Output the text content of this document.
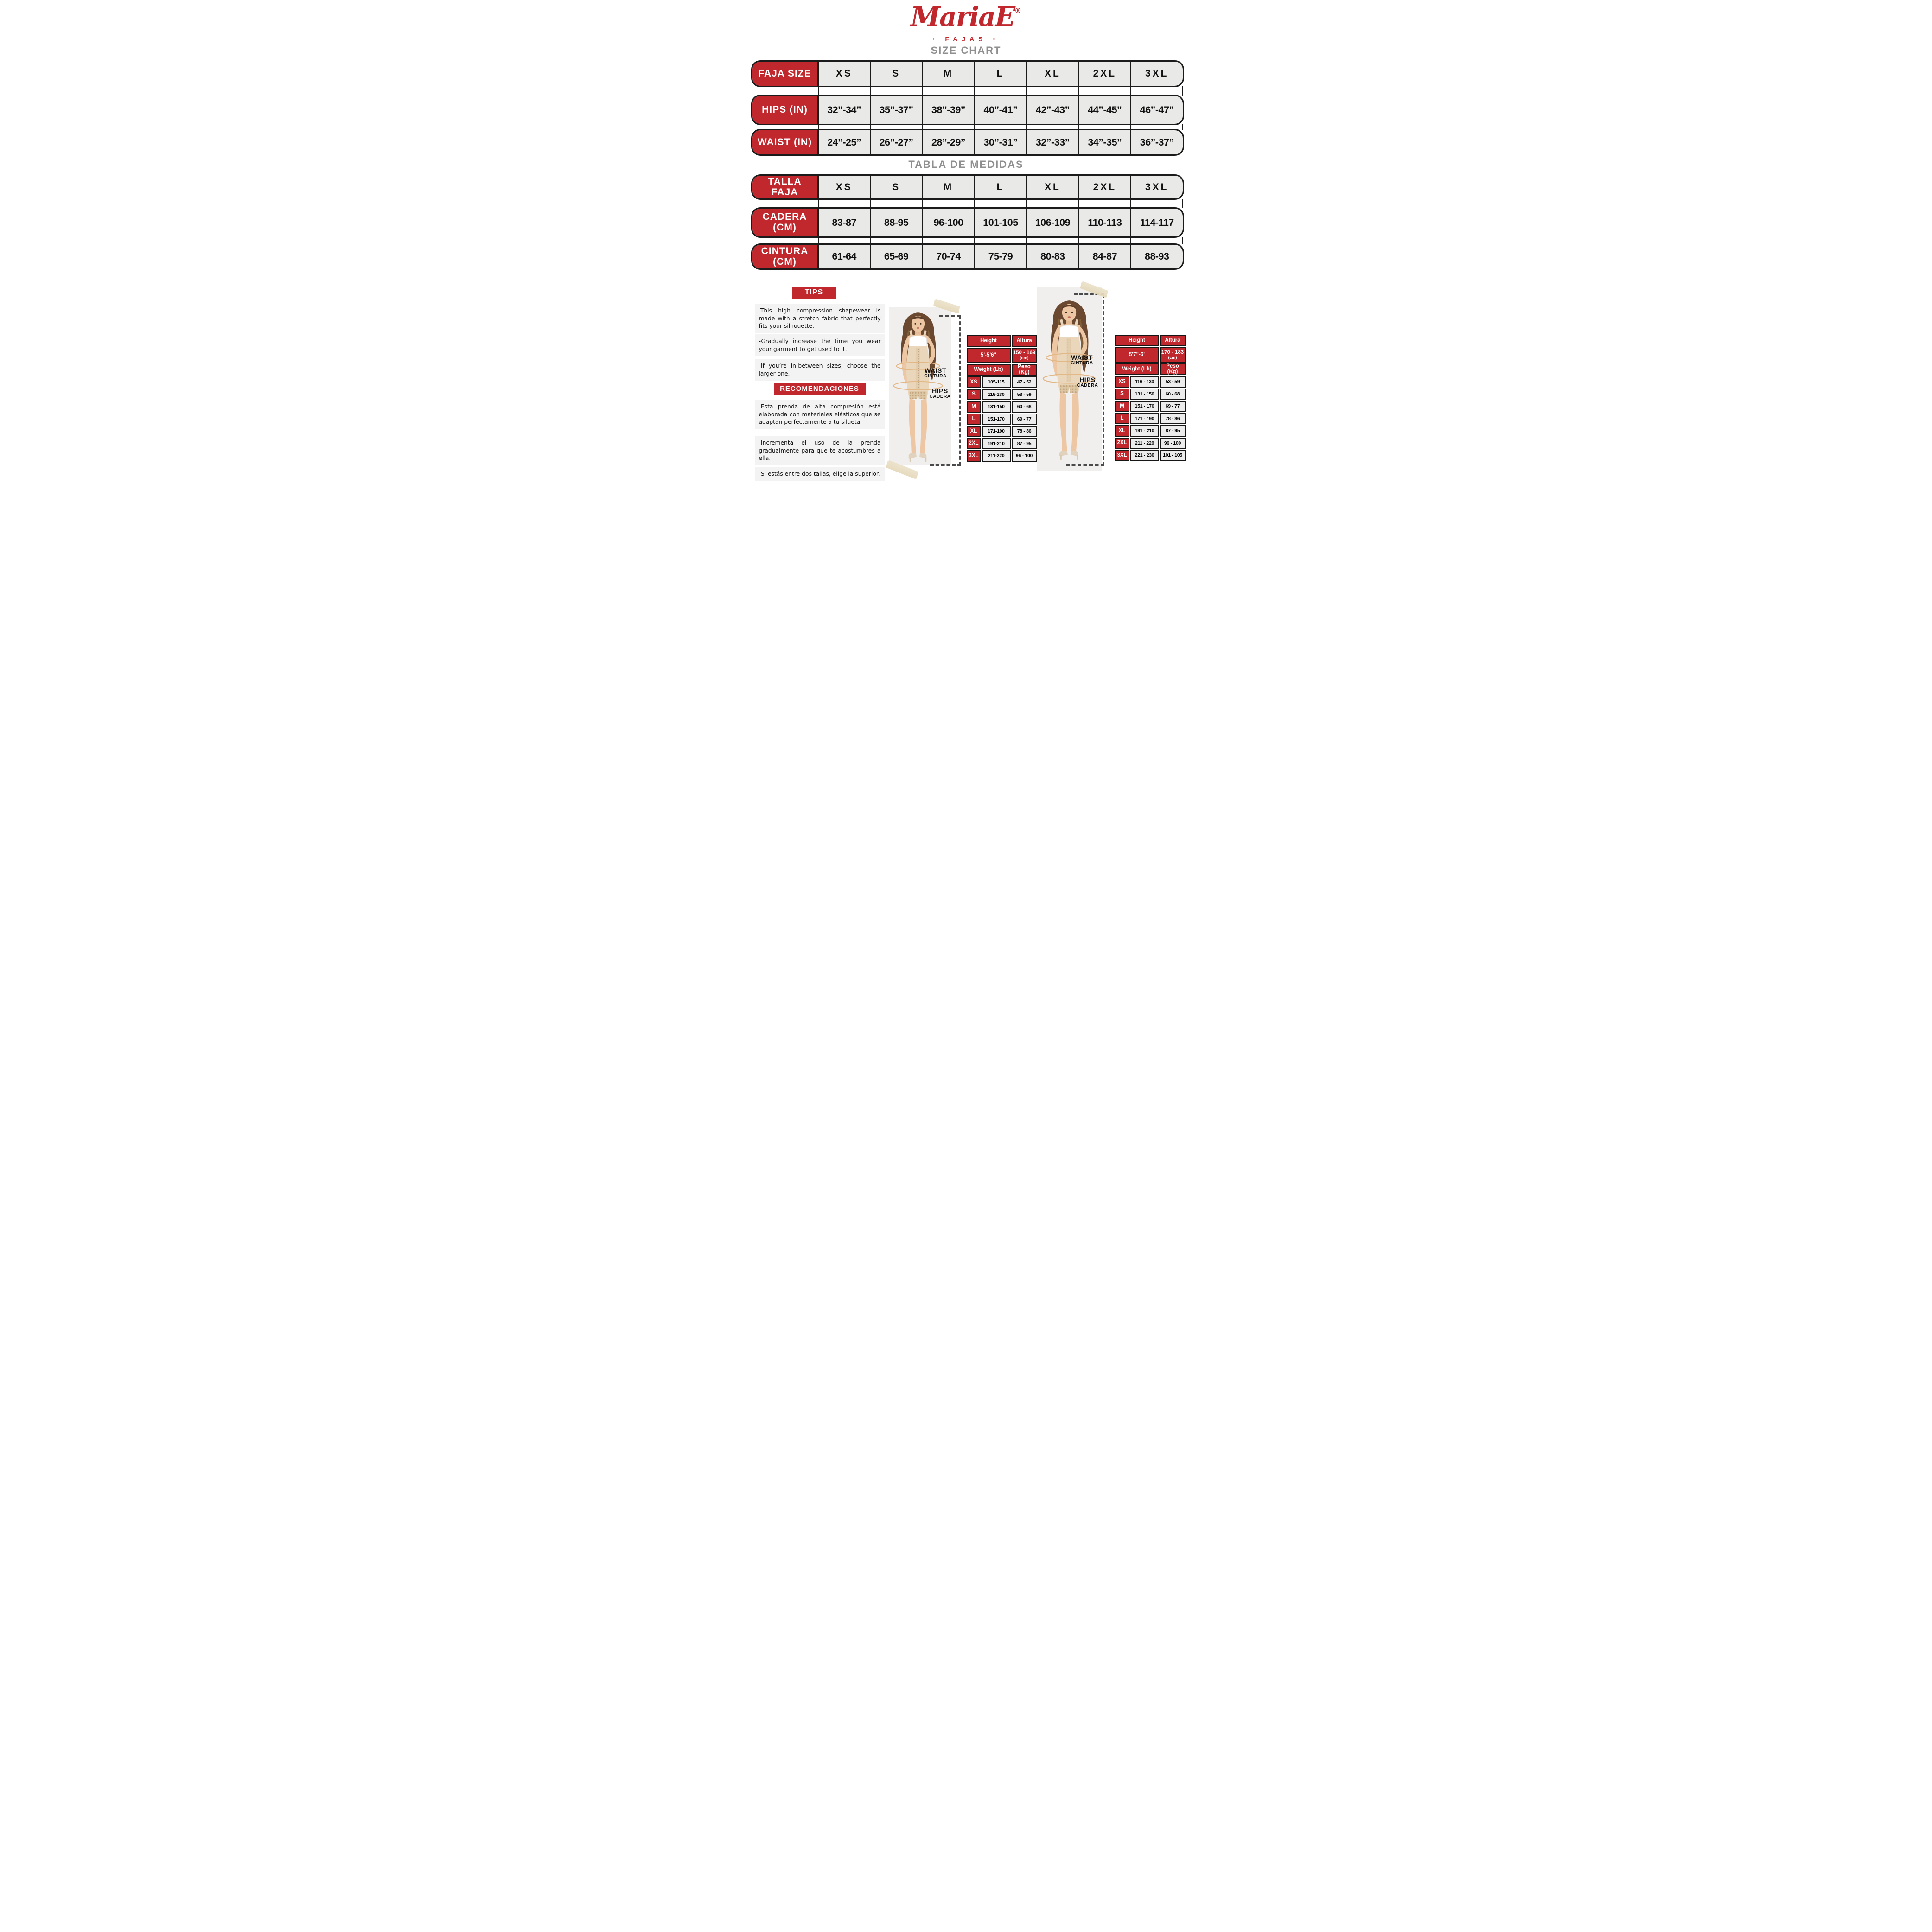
MariaE®
· FAJAS ·
SIZE CHART
FAJA SIZE	XS	S	M	L	XL	2XL	3XL
HIPS (IN)	32”-34”	35”-37”	38”-39”	40”-41”	42”-43”	44”-45”	46”-47”
WAIST (IN)	24”-25”	26”-27”	28”-29”	30”-31”	32”-33”	34”-35”	36”-37”
TABLA DE MEDIDAS
TALLA
FAJA	XS	S	M	L	XL	2XL	3XL
CADERA
(CM)	83-87	88-95	96-100	101-105	106-109	110-113	114-117
CINTURA
(CM)	61-64	65-69	70-74	75-79	80-83	84-87	88-93
TIPS
-This high compression shapewear is made with a stretch fabric that perfectly fits your silhouette.
-Gradually increase the time you wear your garment to get used to it.
-If you’re in-between sizes, choose the larger one.
RECOMENDACIONES
-Esta prenda de alta compresión está elaborada con materiales elásticos que se adaptan perfectamente a tu silueta.
-Incrementa el uso de la prenda gradualmente para que te acostumbres a ella.
-Si estás entre dos tallas, elige la superior.
WAIST
CINTURA
HIPS
CADERA
Height	Altura
5'-5'6"	150 - 169
(cm)
Weight (Lb)	Peso (Kg)
XS	105-115	47 - 52
S	116-130	53 - 59
M	131-150	60 - 68
L	151-170	69 - 77
XL	171-190	78 - 86
2XL	191-210	87 - 95
3XL	211-220	96 - 100
WAIST
CINTURA
HIPS
CADERA
Height	Altura
5'7"-6'	170 - 183
(cm)
Weight (Lb)	Peso (Kg)
XS	116 - 130	53 - 59
S	131 - 150	60 - 68
M	151 - 170	69 - 77
L	171 - 190	78 - 86
XL	191 - 210	87 - 95
2XL	211 - 220	96 - 100
3XL	221 - 230	101 - 105
